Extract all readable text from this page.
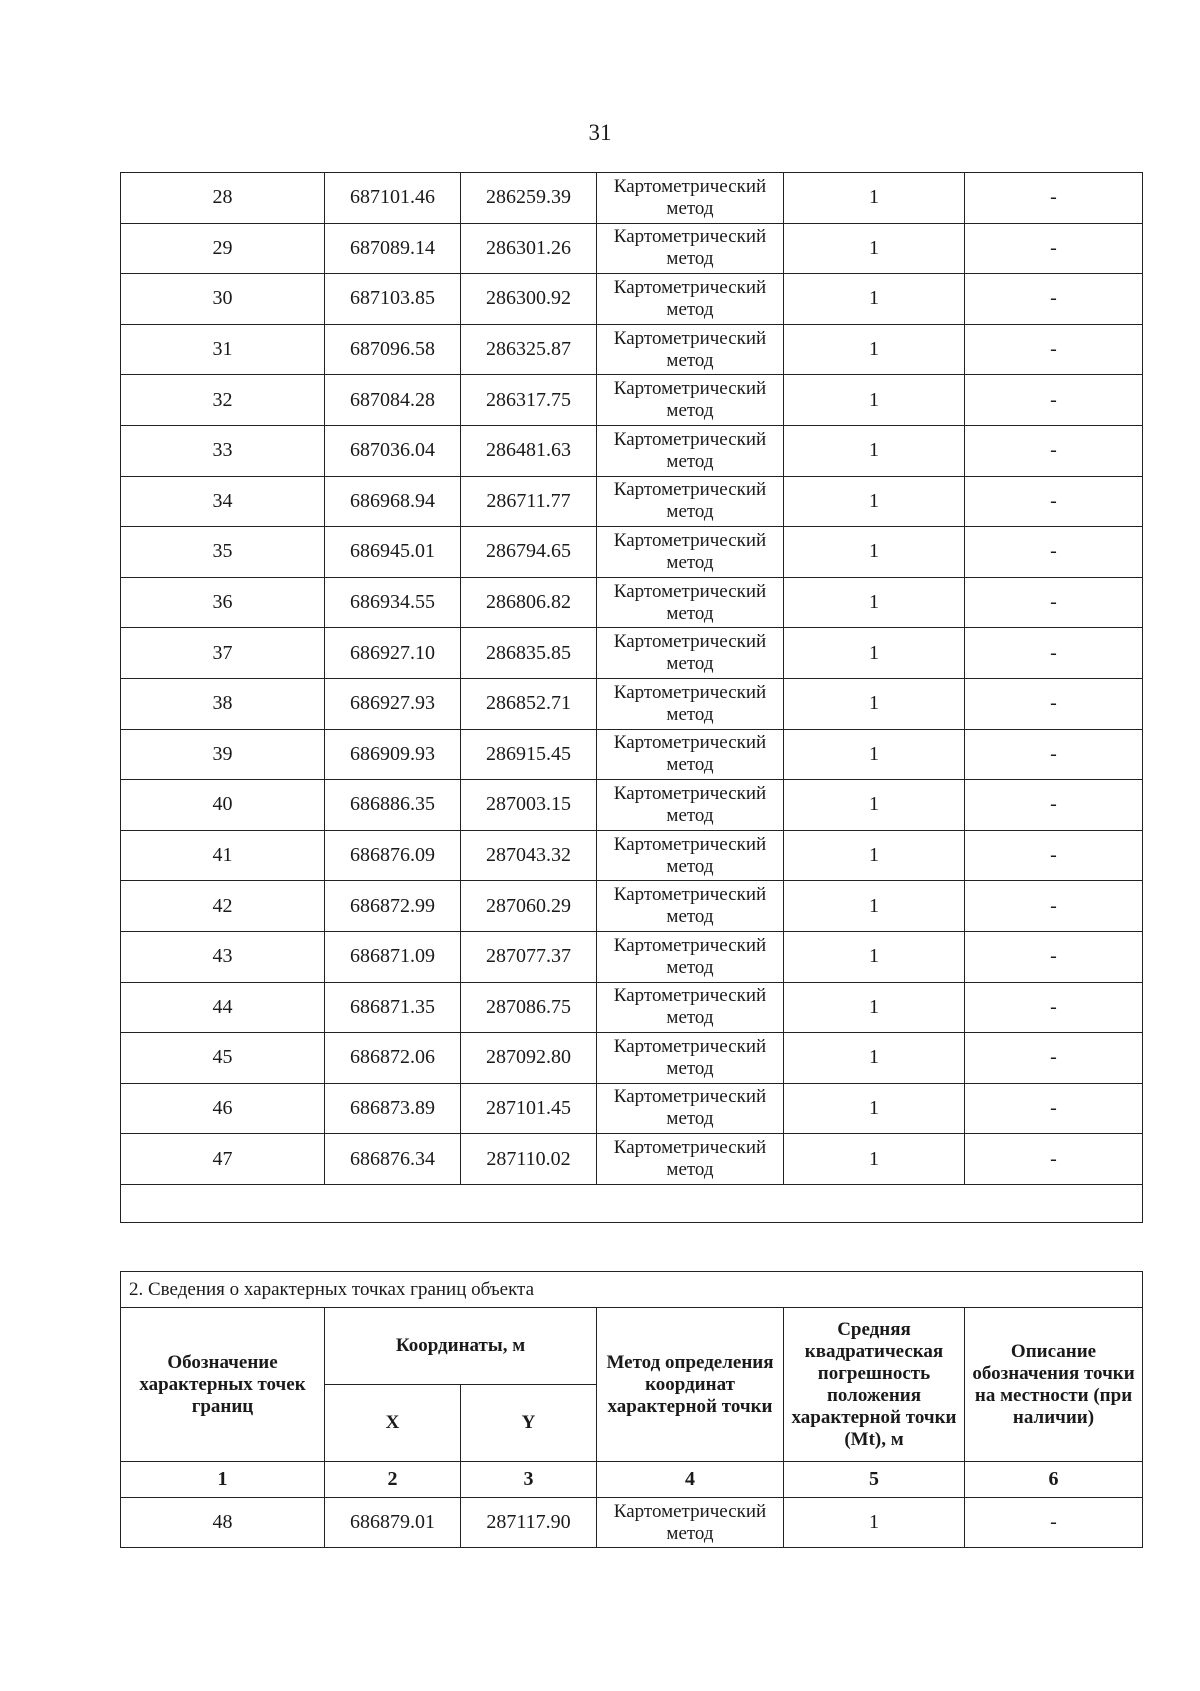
31
28	687101.46	286259.39	Картометрический метод	1	-
29	687089.14	286301.26	Картометрический метод	1	-
30	687103.85	286300.92	Картометрический метод	1	-
31	687096.58	286325.87	Картометрический метод	1	-
32	687084.28	286317.75	Картометрический метод	1	-
33	687036.04	286481.63	Картометрический метод	1	-
34	686968.94	286711.77	Картометрический метод	1	-
35	686945.01	286794.65	Картометрический метод	1	-
36	686934.55	286806.82	Картометрический метод	1	-
37	686927.10	286835.85	Картометрический метод	1	-
38	686927.93	286852.71	Картометрический метод	1	-
39	686909.93	286915.45	Картометрический метод	1	-
40	686886.35	287003.15	Картометрический метод	1	-
41	686876.09	287043.32	Картометрический метод	1	-
42	686872.99	287060.29	Картометрический метод	1	-
43	686871.09	287077.37	Картометрический метод	1	-
44	686871.35	287086.75	Картометрический метод	1	-
45	686872.06	287092.80	Картометрический метод	1	-
46	686873.89	287101.45	Картометрический метод	1	-
47	686876.34	287110.02	Картометрический метод	1	-

2. Сведения о характерных точках границ объекта					
Обозначение характерных точек границ	Координаты, м		Метод определения координат характерной точки	Средняя квадратическая погрешность положения характерной точки (Mt), м	Описание обозначения точки на местности (при наличии)
	X	Y			
1	2	3	4	5	6
48	686879.01	287117.90	Картометрический метод	1	-
